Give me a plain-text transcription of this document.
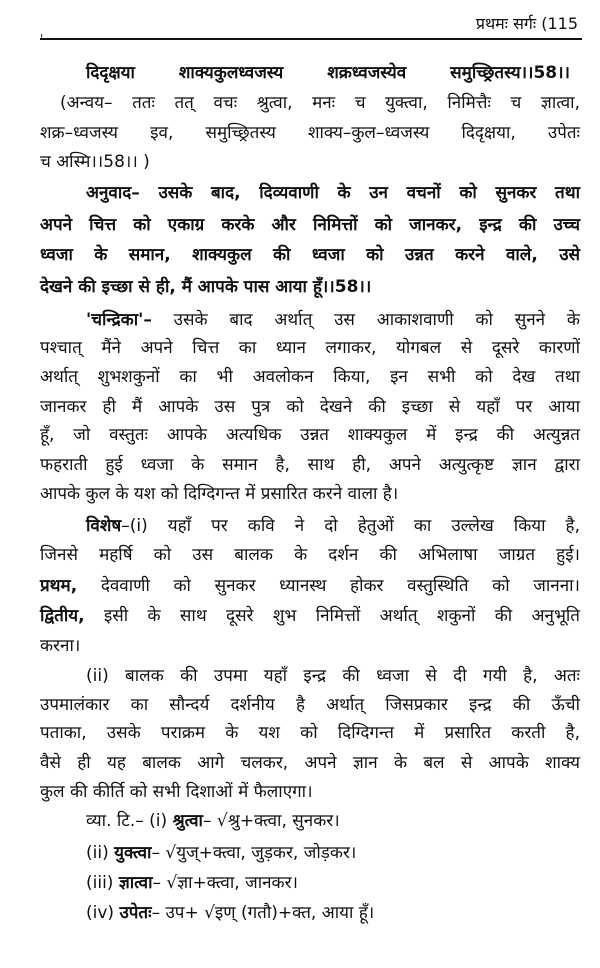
प्रथमः सर्गः (115
'
दिदृक्षया शाक्यकुलध्वजस्य शक्रध्वजस्येव समुच्छ्रितस्य।।58।।
(अन्वय– ततः तत् वचः श्रुत्वा, मनः च युक्त्वा, निमित्तैः च ज्ञात्वा,
शक्र–ध्वजस्य इव, समुच्छ्रितस्य शाक्य–कुल–ध्वजस्य दिदृक्षया, उपेतः
च अस्मि।।58।। )
अनुवाद– उसके बाद, दिव्यवाणी के उन वचनों को सुनकर तथा
अपने चित्त को एकाग्र करके और निमित्तों को जानकर, इन्द्र की उच्च
ध्वजा के समान, शाक्यकुल की ध्वजा को उन्नत करने वाले, उसे
देखने की इच्छा से ही, मैं आपके पास आया हूँ।।58।।
'चन्द्रिका'– उसके बाद अर्थात् उस आकाशवाणी को सुनने के
पश्चात् मैंने अपने चित्त का ध्यान लगाकर, योगबल से दूसरे कारणों
अर्थात् शुभशकुनों का भी अवलोकन किया, इन सभी को देख तथा
जानकर ही मैं आपके उस पुत्र को देखने की इच्छा से यहाँ पर आया
हूँ, जो वस्तुतः आपके अत्यधिक उन्नत शाक्यकुल में इन्द्र की अत्युन्नत
फहराती हुई ध्वजा के समान है, साथ ही, अपने अत्युत्कृष्ट ज्ञान द्वारा
आपके कुल के यश को दिग्दिगन्त में प्रसारित करने वाला है।
विशेष–(i) यहाँ पर कवि ने दो हेतुओं का उल्लेख किया है,
जिनसे महर्षि को उस बालक के दर्शन की अभिलाषा जाग्रत हुई।
प्रथम, देववाणी को सुनकर ध्यानस्थ होकर वस्तुस्थिति को जानना।
द्वितीय, इसी के साथ दूसरे शुभ निमित्तों अर्थात् शकुनों की अनुभूति
करना।
(ii) बालक की उपमा यहाँ इन्द्र की ध्वजा से दी गयी है, अतः
उपमालंकार का सौन्दर्य दर्शनीय है अर्थात् जिसप्रकार इन्द्र की ऊँची
पताका, उसके पराक्रम के यश को दिग्दिगन्त में प्रसारित करती है,
वैसे ही यह बालक आगे चलकर, अपने ज्ञान के बल से आपके शाक्य
कुल की कीर्ति को सभी दिशाओं में फैलाएगा।
व्या. टि.– (i) श्रुत्वा– √श्रु+क्त्वा, सुनकर।
(ii) युक्त्वा– √युज्+क्त्वा, जुड़कर, जोड़कर।
(iii) ज्ञात्वा– √ज्ञा+क्त्वा, जानकर।
(iv) उपेतः– उप+ √इण् (गतौ)+क्त, आया हूँ।
